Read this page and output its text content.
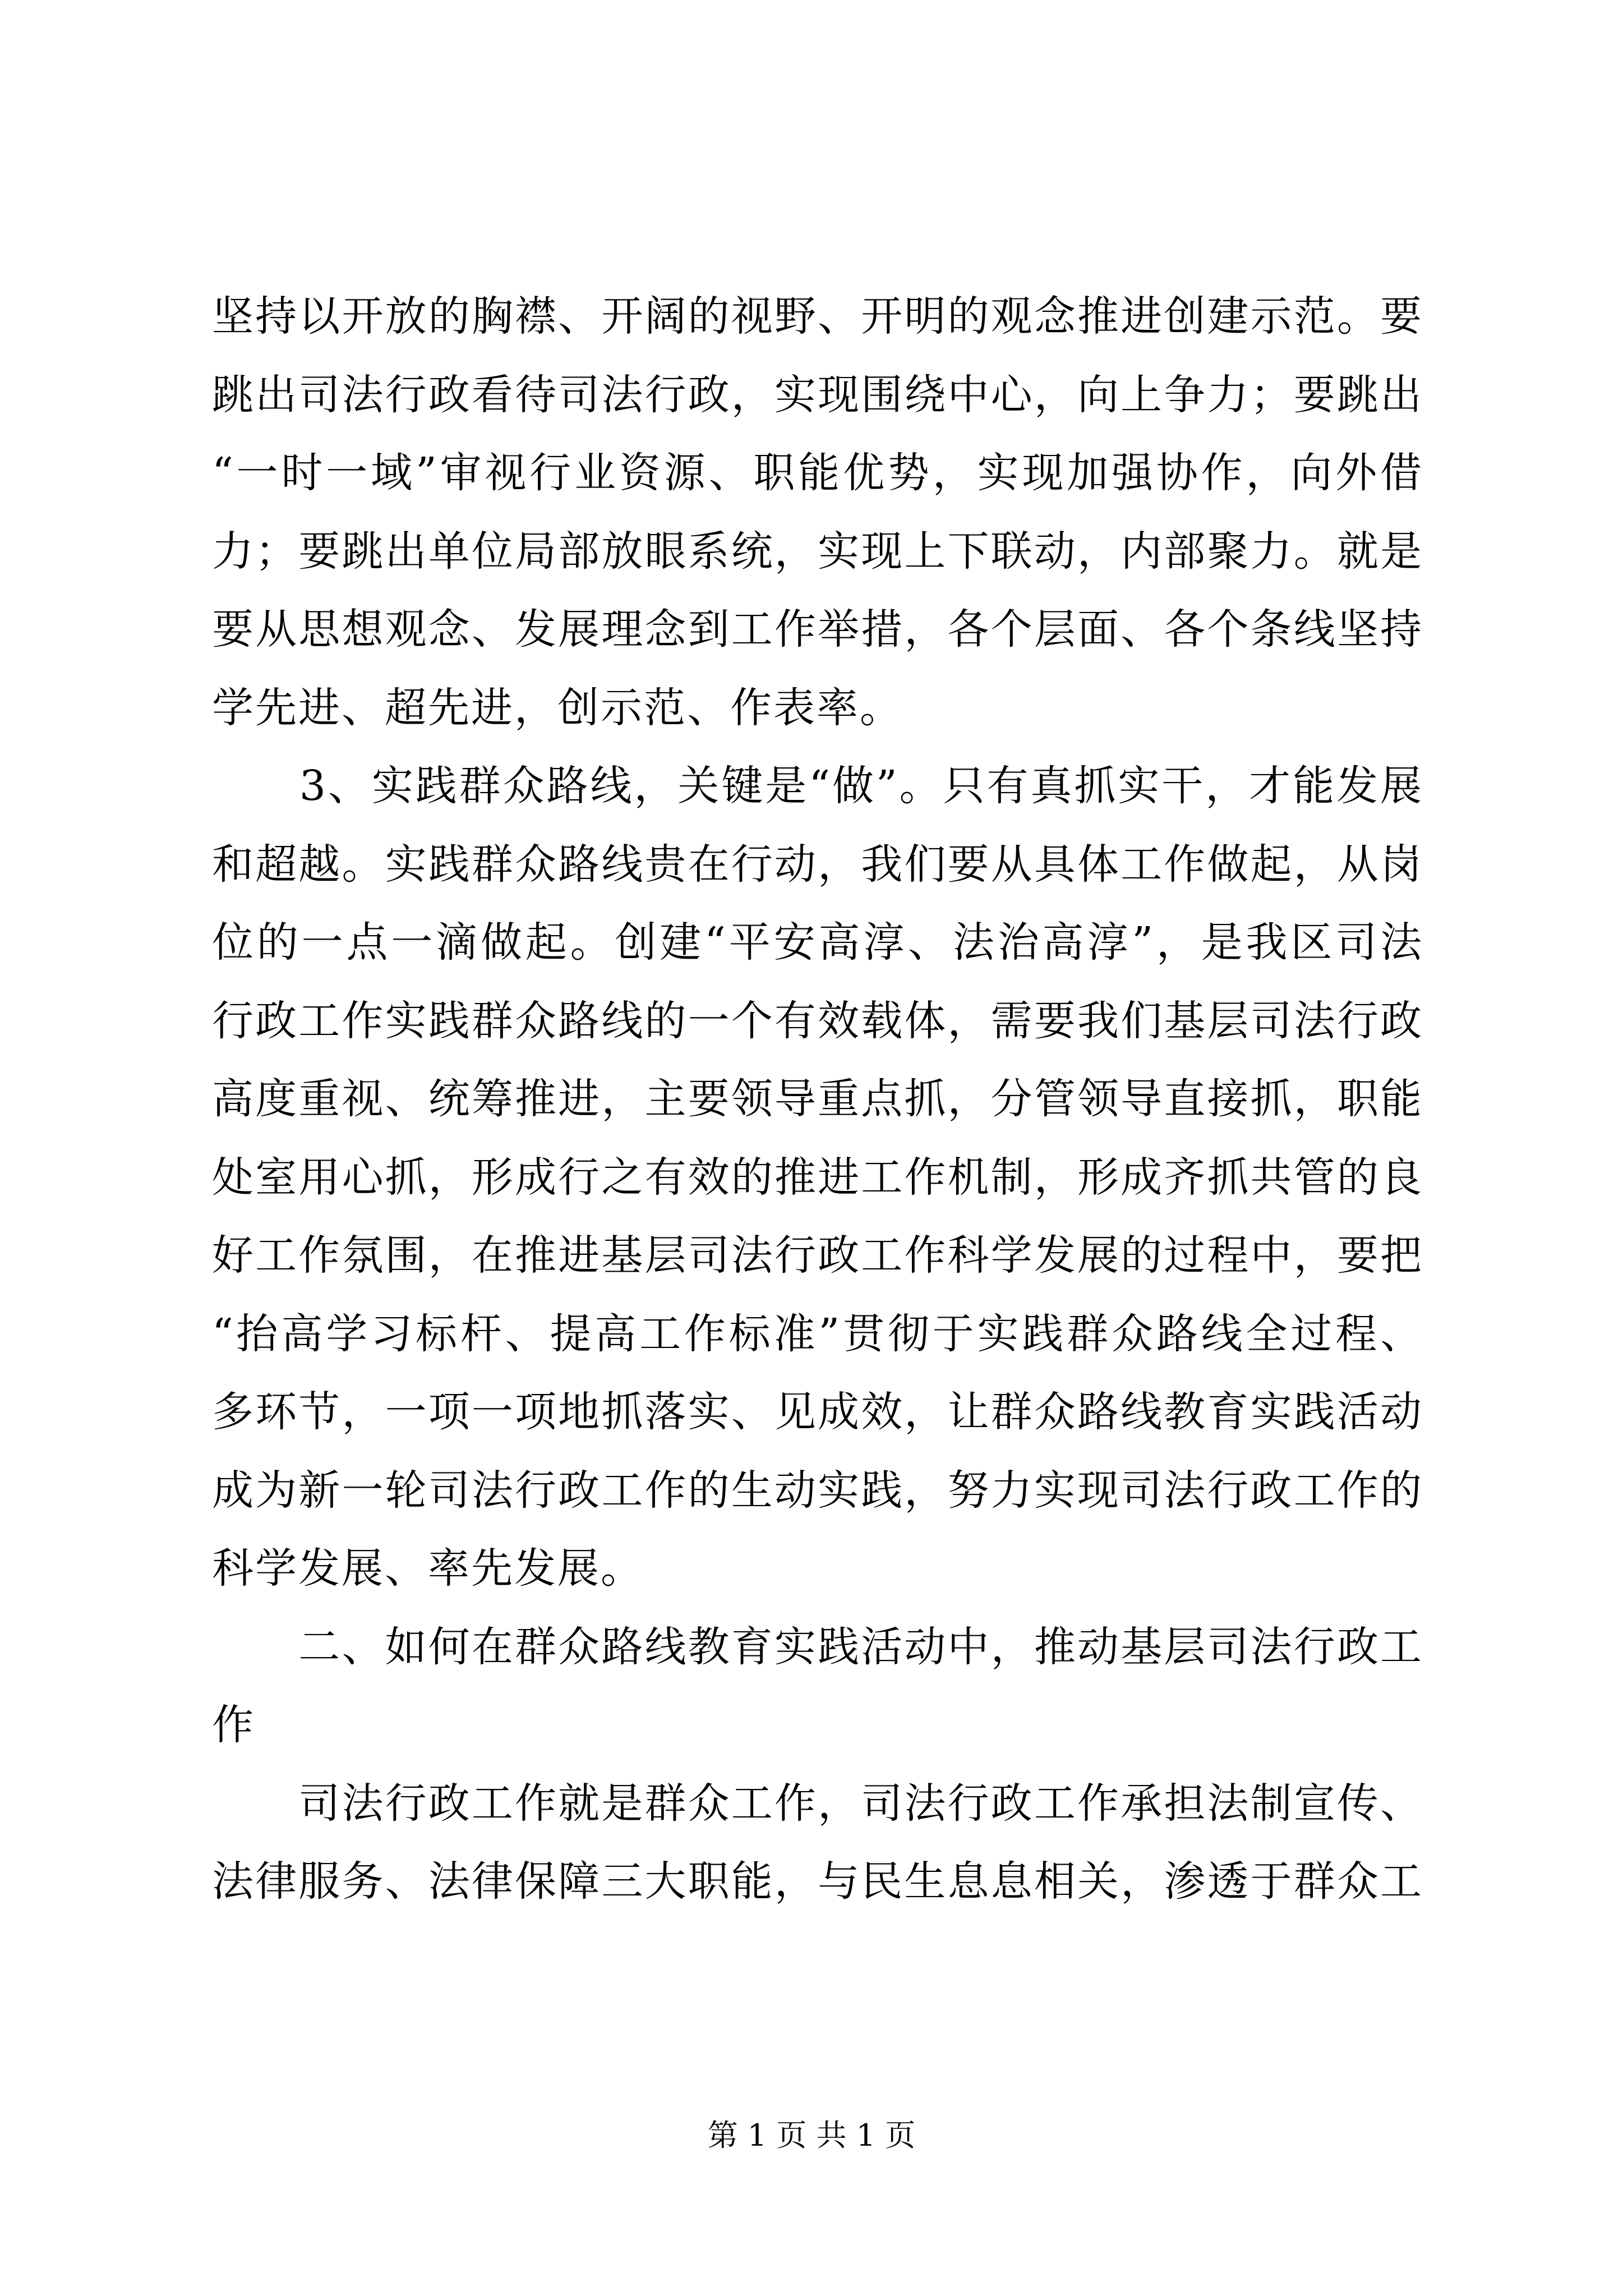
坚持以开放的胸襟、开阔的视野、开明的观念推进创建示范。要
跳出司法行政看待司法行政，实现围绕中心，向上争力；要跳出
“一时一域”审视行业资源、职能优势，实现加强协作，向外借
力；要跳出单位局部放眼系统，实现上下联动，内部聚力。就是
要从思想观念、发展理念到工作举措，各个层面、各个条线坚持
学先进、超先进，创示范、作表率。
　　3、实践群众路线，关键是“做”。只有真抓实干，才能发展
和超越。实践群众路线贵在行动，我们要从具体工作做起，从岗
位的一点一滴做起。创建“平安高淳、法治高淳”，是我区司法
行政工作实践群众路线的一个有效载体，需要我们基层司法行政
高度重视、统筹推进，主要领导重点抓，分管领导直接抓，职能
处室用心抓，形成行之有效的推进工作机制，形成齐抓共管的良
好工作氛围，在推进基层司法行政工作科学发展的过程中，要把
“抬高学习标杆、提高工作标准”贯彻于实践群众路线全过程、
多环节，一项一项地抓落实、见成效，让群众路线教育实践活动
成为新一轮司法行政工作的生动实践，努力实现司法行政工作的
科学发展、率先发展。
　　二、如何在群众路线教育实践活动中，推动基层司法行政工
作
　　司法行政工作就是群众工作，司法行政工作承担法制宣传、
法律服务、法律保障三大职能，与民生息息相关，渗透于群众工
第 1 页 共 1 页
